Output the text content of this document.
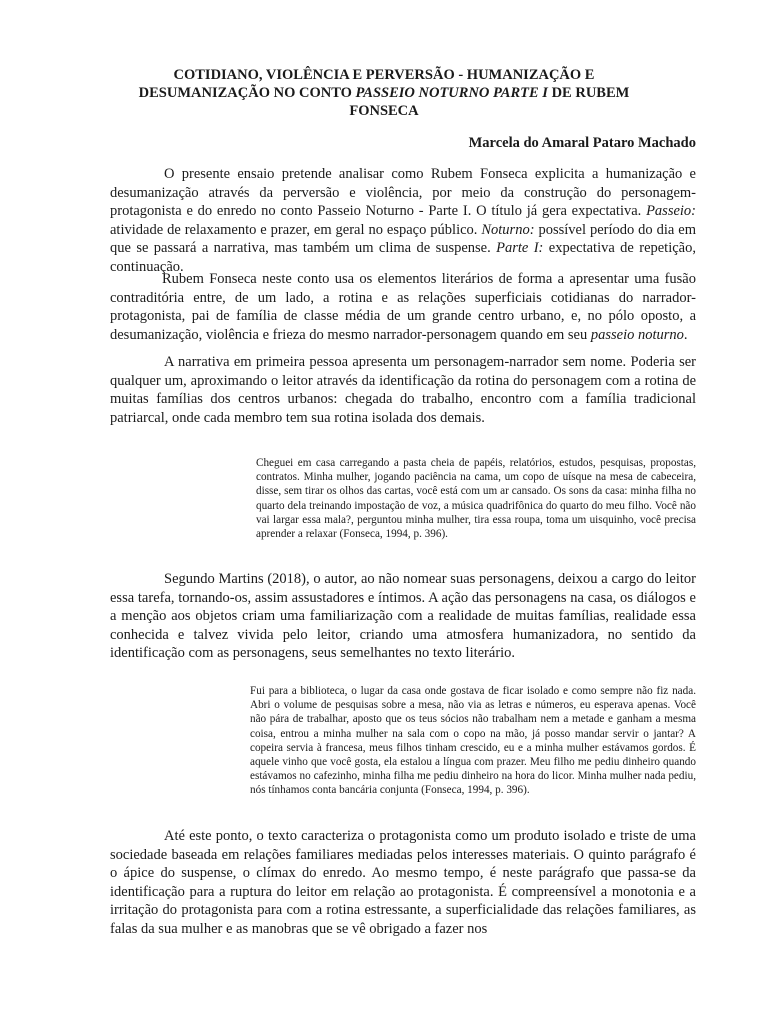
COTIDIANO, VIOLÊNCIA E PERVERSÃO - HUMANIZAÇÃO E DESUMANIZAÇÃO NO CONTO PASSEIO NOTURNO PARTE I DE RUBEM FONSECA
Marcela do Amaral Pataro Machado

O presente ensaio pretende analisar como Rubem Fonseca explicita a humanização e desumanização através da perversão e violência, por meio da construção do personagem-protagonista e do enredo no conto Passeio Noturno - Parte I. O título já gera expectativa. Passeio: atividade de relaxamento e prazer, em geral no espaço público. Noturno: possível período do dia em que se passará a narrativa, mas também um clima de suspense. Parte I: expectativa de repetição, continuação.

Rubem Fonseca neste conto usa os elementos literários de forma a apresentar uma fusão contraditória entre, de um lado, a rotina e as relações superficiais cotidianas do narrador-protagonista, pai de família de classe média de um grande centro urbano, e, no pólo oposto, a desumanização, violência e frieza do mesmo narrador-personagem quando em seu passeio noturno.

A narrativa em primeira pessoa apresenta um personagem-narrador sem nome. Poderia ser qualquer um, aproximando o leitor através da identificação da rotina do personagem com a rotina de muitas famílias dos centros urbanos: chegada do trabalho, encontro com a família tradicional patriarcal, onde cada membro tem sua rotina isolada dos demais.

Cheguei em casa carregando a pasta cheia de papéis, relatórios, estudos, pesquisas, propostas, contratos. Minha mulher, jogando paciência na cama, um copo de uísque na mesa de cabeceira, disse, sem tirar os olhos das cartas, você está com um ar cansado. Os sons da casa: minha filha no quarto dela treinando impostação de voz, a música quadrifônica do quarto do meu filho. Você não vai largar essa mala?, perguntou minha mulher, tira essa roupa, toma um uisquinho, você precisa aprender a relaxar (Fonseca, 1994, p. 396).

Segundo Martins (2018), o autor, ao não nomear suas personagens, deixou a cargo do leitor essa tarefa, tornando-os, assim assustadores e íntimos. A ação das personagens na casa, os diálogos e a menção aos objetos criam uma familiarização com a realidade de muitas famílias, realidade essa conhecida e talvez vivida pelo leitor, criando uma atmosfera humanizadora, no sentido da identificação com as personagens, seus semelhantes no texto literário.

Fui para a biblioteca, o lugar da casa onde gostava de ficar isolado e como sempre não fiz nada. Abri o volume de pesquisas sobre a mesa, não via as letras e números, eu esperava apenas. Você não pára de trabalhar, aposto que os teus sócios não trabalham nem a metade e ganham a mesma coisa, entrou a minha mulher na sala com o copo na mão, já posso mandar servir o jantar? A copeira servia à francesa, meus filhos tinham crescido, eu e a minha mulher estávamos gordos. É aquele vinho que você gosta, ela estalou a língua com prazer. Meu filho me pediu dinheiro quando estávamos no cafezinho, minha filha me pediu dinheiro na hora do licor. Minha mulher nada pediu, nós tínhamos conta bancária conjunta (Fonseca, 1994, p. 396).

Até este ponto, o texto caracteriza o protagonista como um produto isolado e triste de uma sociedade baseada em relações familiares mediadas pelos interesses materiais. O quinto parágrafo é o ápice do suspense, o clímax do enredo. Ao mesmo tempo, é neste parágrafo que passa-se da identificação para a ruptura do leitor em relação ao protagonista. É compreensível a monotonia e a irritação do protagonista para com a rotina estressante, a superficialidade das relações familiares, as falas da sua mulher e as manobras que se vê obrigado a fazer nos
